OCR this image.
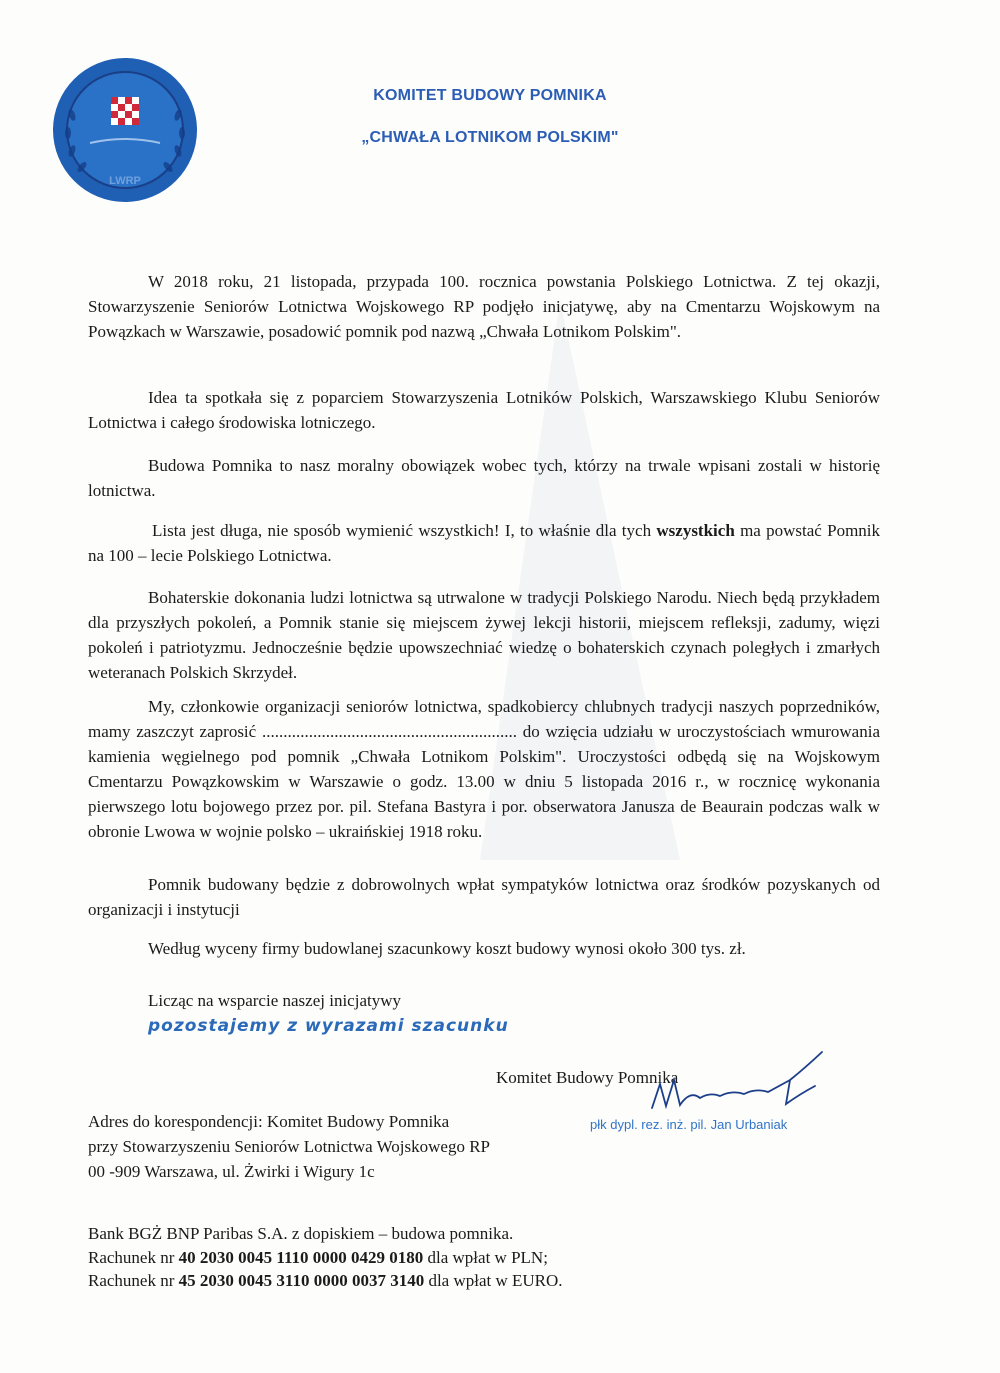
LWRP
KOMITET BUDOWY POMNIKA
„CHWAŁA LOTNIKOM POLSKIM"

W 2018 roku, 21 listopada, przypada 100. rocznica powstania Polskiego Lotnictwa. Z tej okazji, Stowarzyszenie Seniorów Lotnictwa Wojskowego RP podjęło inicjatywę, aby na Cmentarzu Wojskowym na Powązkach w Warszawie, posadowić pomnik pod nazwą „Chwała Lotnikom Polskim".

Idea ta spotkała się z poparciem Stowarzyszenia Lotników Polskich, Warszawskiego Klubu Seniorów Lotnictwa i całego środowiska lotniczego.

Budowa Pomnika to nasz moralny obowiązek wobec tych, którzy na trwale wpisani zostali w historię lotnictwa.

Lista jest długa, nie sposób wymienić wszystkich! I, to właśnie dla tych wszystkich ma powstać Pomnik na 100 – lecie Polskiego Lotnictwa.

Bohaterskie dokonania ludzi lotnictwa są utrwalone w tradycji Polskiego Narodu. Niech będą przykładem dla przyszłych pokoleń, a Pomnik stanie się miejscem żywej lekcji historii, miejscem refleksji, zadumy, więzi pokoleń i patriotyzmu. Jednocześnie będzie upowszechniać wiedzę o bohaterskich czynach poległych i zmarłych weteranach Polskich Skrzydeł.

My, członkowie organizacji seniorów lotnictwa, spadkobiercy chlubnych tradycji naszych poprzedników, mamy zaszczyt zaprosić ............................................................ do wzięcia udziału w uroczystościach wmurowania kamienia węgielnego pod pomnik „Chwała Lotnikom Polskim". Uroczystości odbędą się na Wojskowym Cmentarzu Powązkowskim w Warszawie o godz. 13.00 w dniu 5 listopada 2016 r., w rocznicę wykonania pierwszego lotu bojowego przez por. pil. Stefana Bastyra i por. obserwatora Janusza de Beaurain podczas walk w obronie Lwowa w wojnie polsko – ukraińskiej 1918 roku.

Pomnik budowany będzie z dobrowolnych wpłat sympatyków lotnictwa oraz środków pozyskanych od organizacji i instytucji

Według wyceny firmy budowlanej szacunkowy koszt budowy wynosi około 300 tys. zł.

Licząc na wsparcie naszej inicjatywy

pozostajemy z wyrazami szacunku

Komitet Budowy Pomnika

płk dypl. rez. inż. pil. Jan Urbaniak

Adres do korespondencji: Komitet Budowy Pomnika

przy Stowarzyszeniu Seniorów Lotnictwa Wojskowego RP

00 -909 Warszawa, ul. Żwirki i Wigury 1c

Bank BGŻ BNP Paribas S.A. z dopiskiem – budowa pomnika.

Rachunek nr 40 2030 0045 1110 0000 0429 0180 dla wpłat w PLN;

Rachunek nr 45 2030 0045 3110 0000 0037 3140 dla wpłat w EURO.
